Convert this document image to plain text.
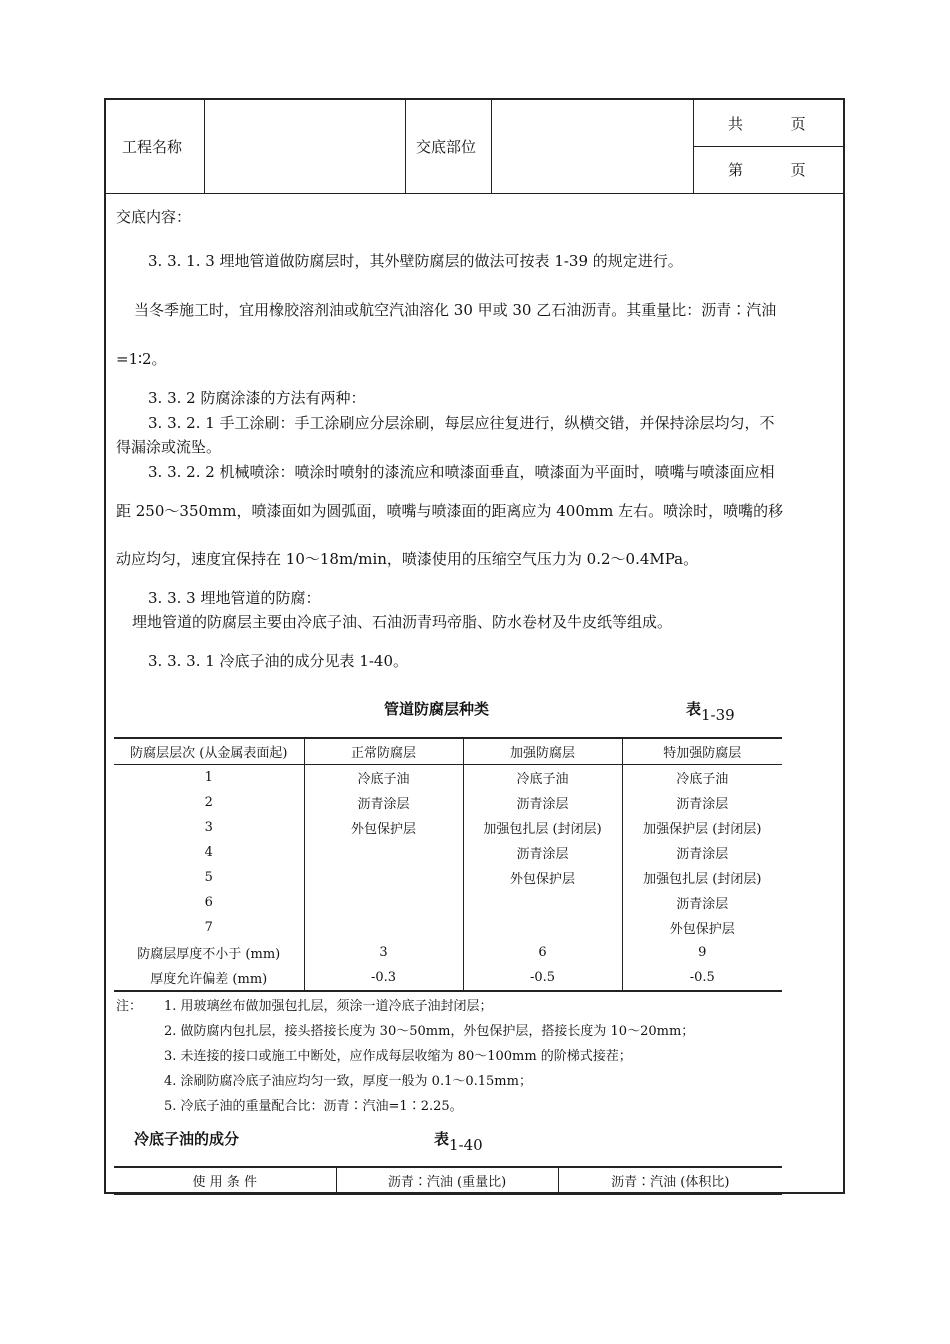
工程名称	交底部位
共          页
第          页
交底内容：
3. 3. 1. 3 埋地管道做防腐层时，其外壁防腐层的做法可按表 1-39 的规定进行。
当冬季施工时，宜用橡胶溶剂油或航空汽油溶化 30 甲或 30 乙石油沥青。其重量比：沥青∶汽油
=1∶2。
3. 3. 2 防腐涂漆的方法有两种：
3. 3. 2. 1 手工涂刷：手工涂刷应分层涂刷，每层应往复进行，纵横交错，并保持涂层均匀，不
得漏涂或流坠。
3. 3. 2. 2 机械喷涂：喷涂时喷射的漆流应和喷漆面垂直，喷漆面为平面时，喷嘴与喷漆面应相
距 250～350mm，喷漆面如为圆弧面，喷嘴与喷漆面的距离应为 400mm 左右。喷涂时，喷嘴的移
动应均匀，速度宜保持在 10～18m/min，喷漆使用的压缩空气压力为 0.2～0.4MPa。
3. 3. 3 埋地管道的防腐：
埋地管道的防腐层主要由冷底子油、石油沥青玛帝脂、防水卷材及牛皮纸等组成。
3. 3. 3. 1 冷底子油的成分见表 1-40。
管道防腐层种类	表1-39
防腐层层次 (从金属表面起)	正常防腐层	加强防腐层	特加强防腐层
1	冷底子油	冷底子油	冷底子油
2	沥青涂层	沥青涂层	沥青涂层
3	外包保护层	加强包扎层 (封闭层)	加强保护层 (封闭层)
4		沥青涂层	沥青涂层
5		外包保护层	加强包扎层 (封闭层)
6			沥青涂层
7			外包保护层
防腐层厚度不小于 (mm)	3	6	9
厚度允许偏差 (mm)	-0.3	-0.5	-0.5
注： 1. 用玻璃丝布做加强包扎层，须涂一道冷底子油封闭层；
2. 做防腐内包扎层，接头搭接长度为 30～50mm，外包保护层，搭接长度为 10～20mm；
3. 未连接的接口或施工中断处，应作成每层收缩为 80～100mm 的阶梯式接茬；
4. 涂刷防腐冷底子油应均匀一致，厚度一般为 0.1～0.15mm；
5. 冷底子油的重量配合比：沥青∶汽油=1∶2.25。
冷底子油的成分	表1-40
使 用 条 件	沥青∶汽油 (重量比)	沥青∶汽油 (体积比)
